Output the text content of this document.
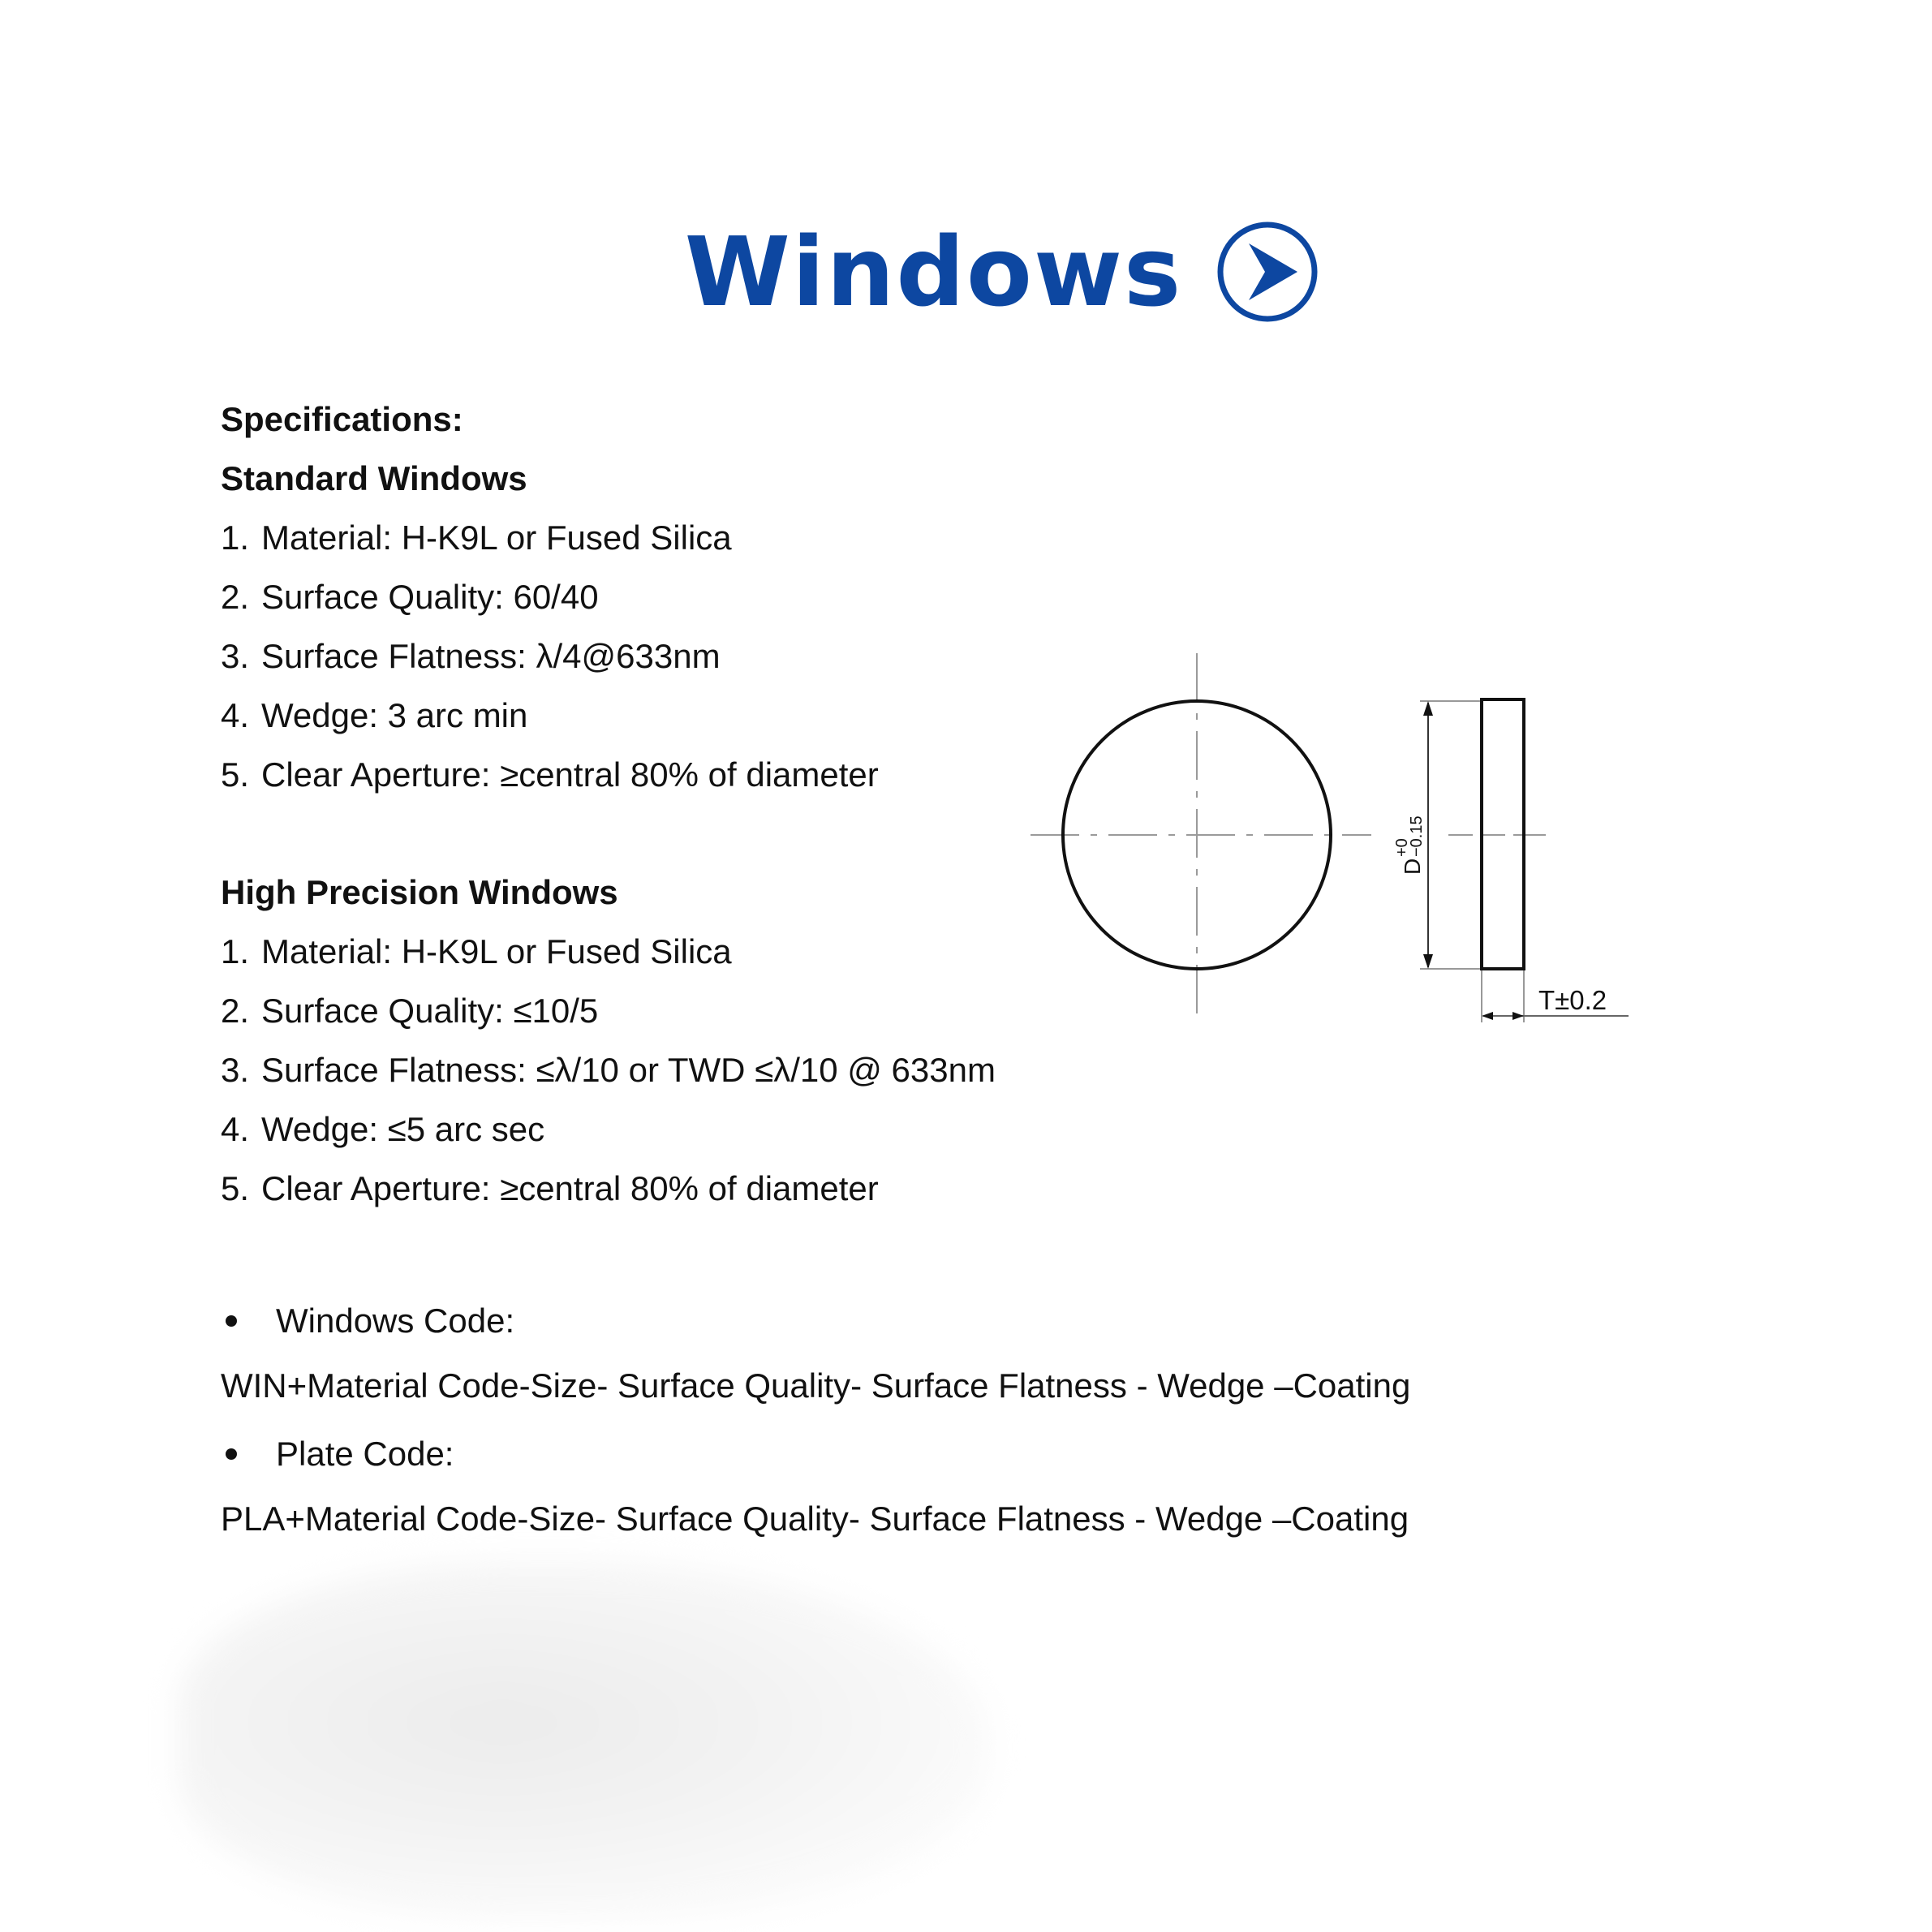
Windows
Specifications:
Standard Windows
1. Material: H-K9L or Fused Silica
2. Surface Quality: 60/40
3. Surface Flatness: λ/4@633nm
4. Wedge: 3 arc min
5. Clear Aperture: ≥central 80% of diameter
High Precision Windows
1. Material: H-K9L or Fused Silica
2. Surface Quality: ≤10/5
3. Surface Flatness: ≤λ/10 or TWD ≤λ/10 @ 633nm
4. Wedge: ≤5 arc sec
5. Clear Aperture: ≥central 80% of diameter
D
+0
−0.15
T±0.2
Windows Code:
WIN+Material Code-Size- Surface Quality- Surface Flatness - Wedge –Coating
Plate Code:
PLA+Material Code-Size- Surface Quality- Surface Flatness - Wedge –Coating
